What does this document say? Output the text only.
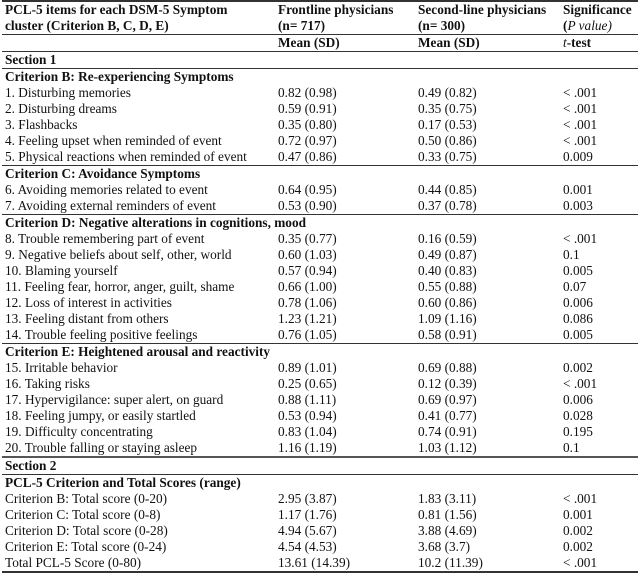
PCL-5 items for each DSM-5 Symptom	Frontline physicians	Second-line physicians	Significance
cluster (Criterion B, C, D, E)	(n= 717)	(n= 300)	(P value)
	Mean (SD)	Mean (SD)	t-test
Section 1			
Criterion B: Re-experiencing Symptoms			
1. Disturbing memories	0.82 (0.98)	0.49 (0.82)	< .001
2. Disturbing dreams	0.59 (0.91)	0.35 (0.75)	< .001
3. Flashbacks	0.35 (0.80)	0.17 (0.53)	< .001
4. Feeling upset when reminded of event	0.72 (0.97)	0.50 (0.86)	< .001
5. Physical reactions when reminded of event	0.47 (0.86)	0.33 (0.75)	0.009
Criterion C: Avoidance Symptoms			
6. Avoiding memories related to event	0.64 (0.95)	0.44 (0.85)	0.001
7. Avoiding external reminders of event	0.53 (0.90)	0.37 (0.78)	0.003
Criterion D: Negative alterations in cognitions, mood			
8. Trouble remembering part of event	0.35 (0.77)	0.16 (0.59)	< .001
9. Negative beliefs about self, other, world	0.60 (1.03)	0.49 (0.87)	0.1
10. Blaming yourself	0.57 (0.94)	0.40 (0.83)	0.005
11. Feeling fear, horror, anger, guilt, shame	0.66 (1.00)	0.55 (0.88)	0.07
12. Loss of interest in activities	0.78 (1.06)	0.60 (0.86)	0.006
13. Feeling distant from others	1.23 (1.21)	1.09 (1.16)	0.086
14. Trouble feeling positive feelings	0.76 (1.05)	0.58 (0.91)	0.005
Criterion E: Heightened arousal and reactivity			
15. Irritable behavior	0.89 (1.01)	0.69 (0.88)	0.002
16. Taking risks	0.25 (0.65)	0.12 (0.39)	< .001
17. Hypervigilance: super alert, on guard	0.88 (1.11)	0.69 (0.97)	0.006
18. Feeling jumpy, or easily startled	0.53 (0.94)	0.41 (0.77)	0.028
19. Difficulty concentrating	0.83 (1.04)	0.74 (0.91)	0.195
20. Trouble falling or staying asleep	1.16 (1.19)	1.03 (1.12)	0.1
Section 2			
PCL-5 Criterion and Total Scores (range)			
Criterion B: Total score (0-20)	2.95 (3.87)	1.83 (3.11)	< .001
Criterion C: Total score (0-8)	1.17 (1.76)	0.81 (1.56)	0.001
Criterion D: Total score (0-28)	4.94 (5.67)	3.88 (4.69)	0.002
Criterion E: Total score (0-24)	4.54 (4.53)	3.68 (3.7)	0.002
Total PCL-5 Score (0-80)	13.61 (14.39)	10.2 (11.39)	< .001
